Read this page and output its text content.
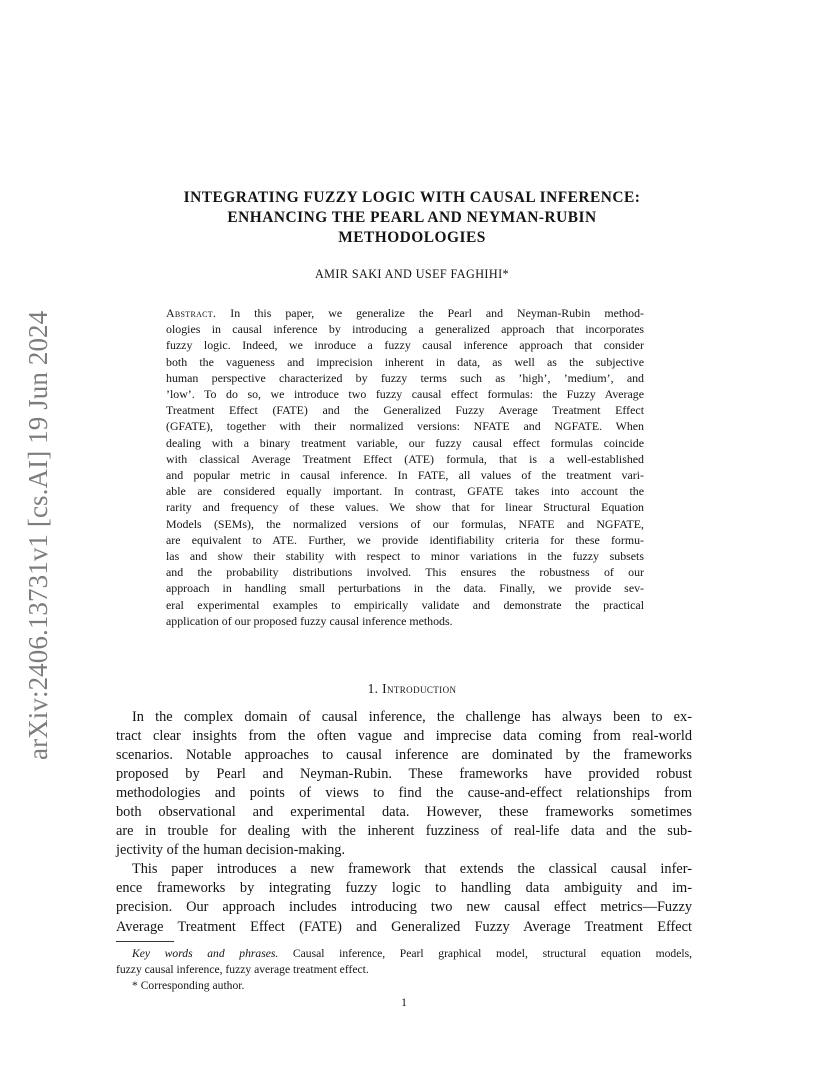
arXiv:2406.13731v1 [cs.AI] 19 Jun 2024
INTEGRATING FUZZY LOGIC WITH CAUSAL INFERENCE:
ENHANCING THE PEARL AND NEYMAN-RUBIN
METHODOLOGIES
AMIR SAKI AND USEF FAGHIHI*
Abstract. In this paper, we generalize the Pearl and Neyman-Rubin method-
ologies in causal inference by introducing a generalized approach that incorporates
fuzzy logic. Indeed, we inroduce a fuzzy causal inference approach that consider
both the vagueness and imprecision inherent in data, as well as the subjective
human perspective characterized by fuzzy terms such as ’high’, ’medium’, and
’low’. To do so, we introduce two fuzzy causal effect formulas: the Fuzzy Average
Treatment Effect (FATE) and the Generalized Fuzzy Average Treatment Effect
(GFATE), together with their normalized versions: NFATE and NGFATE. When
dealing with a binary treatment variable, our fuzzy causal effect formulas coincide
with classical Average Treatment Effect (ATE) formula, that is a well-established
and popular metric in causal inference. In FATE, all values of the treatment vari-
able are considered equally important. In contrast, GFATE takes into account the
rarity and frequency of these values. We show that for linear Structural Equation
Models (SEMs), the normalized versions of our formulas, NFATE and NGFATE,
are equivalent to ATE. Further, we provide identifiability criteria for these formu-
las and show their stability with respect to minor variations in the fuzzy subsets
and the probability distributions involved. This ensures the robustness of our
approach in handling small perturbations in the data. Finally, we provide sev-
eral experimental examples to empirically validate and demonstrate the practical
application of our proposed fuzzy causal inference methods.
1. Introduction
In the complex domain of causal inference, the challenge has always been to ex-
tract clear insights from the often vague and imprecise data coming from real-world
scenarios. Notable approaches to causal inference are dominated by the frameworks
proposed by Pearl and Neyman-Rubin. These frameworks have provided robust
methodologies and points of views to find the cause-and-effect relationships from
both observational and experimental data. However, these frameworks sometimes
are in trouble for dealing with the inherent fuzziness of real-life data and the sub-
jectivity of the human decision-making.
This paper introduces a new framework that extends the classical causal infer-
ence frameworks by integrating fuzzy logic to handling data ambiguity and im-
precision. Our approach includes introducing two new causal effect metrics—Fuzzy
Average Treatment Effect (FATE) and Generalized Fuzzy Average Treatment Effect
Key words and phrases. Causal inference, Pearl graphical model, structural equation models,
fuzzy causal inference, fuzzy average treatment effect.
* Corresponding author.
1
